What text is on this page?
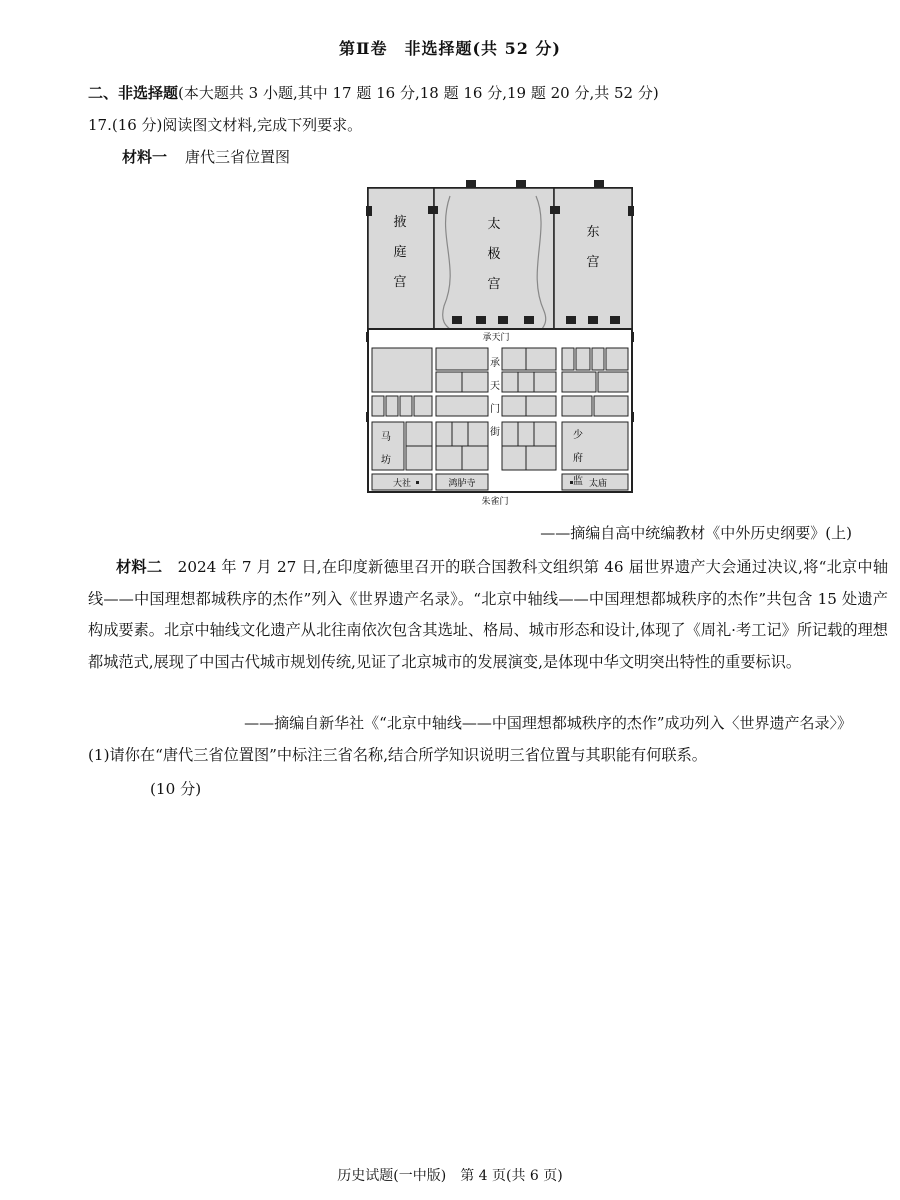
第Ⅱ卷　非选择题(共 52 分)
二、非选择题(本大题共 3 小题,其中 17 题 16 分,18 题 16 分,19 题 20 分,共 52 分)
17.(16 分)阅读图文材料,完成下列要求。
材料一 唐代三省位置图
掖庭宫
太极宫
东宫
承天门
承天门街
马坊
少府监
大社	鸿胪寺	太庙
朱雀门
——摘编自高中统编教材《中外历史纲要》(上)
材料二　 2024 年 7 月 27 日,在印度新德里召开的联合国教科文组织第 46 届世界遗产大会通过决议,将“北京中轴线——中国理想都城秩序的杰作”列入《世界遗产名录》。“北京中轴线——中国理想都城秩序的杰作”共包含 15 处遗产构成要素。北京中轴线文化遗产从北往南依次包含其选址、格局、城市形态和设计,体现了《周礼·考工记》所记载的理想都城范式,展现了中国古代城市规划传统,见证了北京城市的发展演变,是体现中华文明突出特性的重要标识。
——摘编自新华社《“北京中轴线——中国理想都城秩序的杰作”成功列入〈世界遗产名录〉》
(1)请你在“唐代三省位置图”中标注三省名称,结合所学知识说明三省位置与其职能有何联系。
(10 分)
历史试题(一中版)　第 4 页(共 6 页)
